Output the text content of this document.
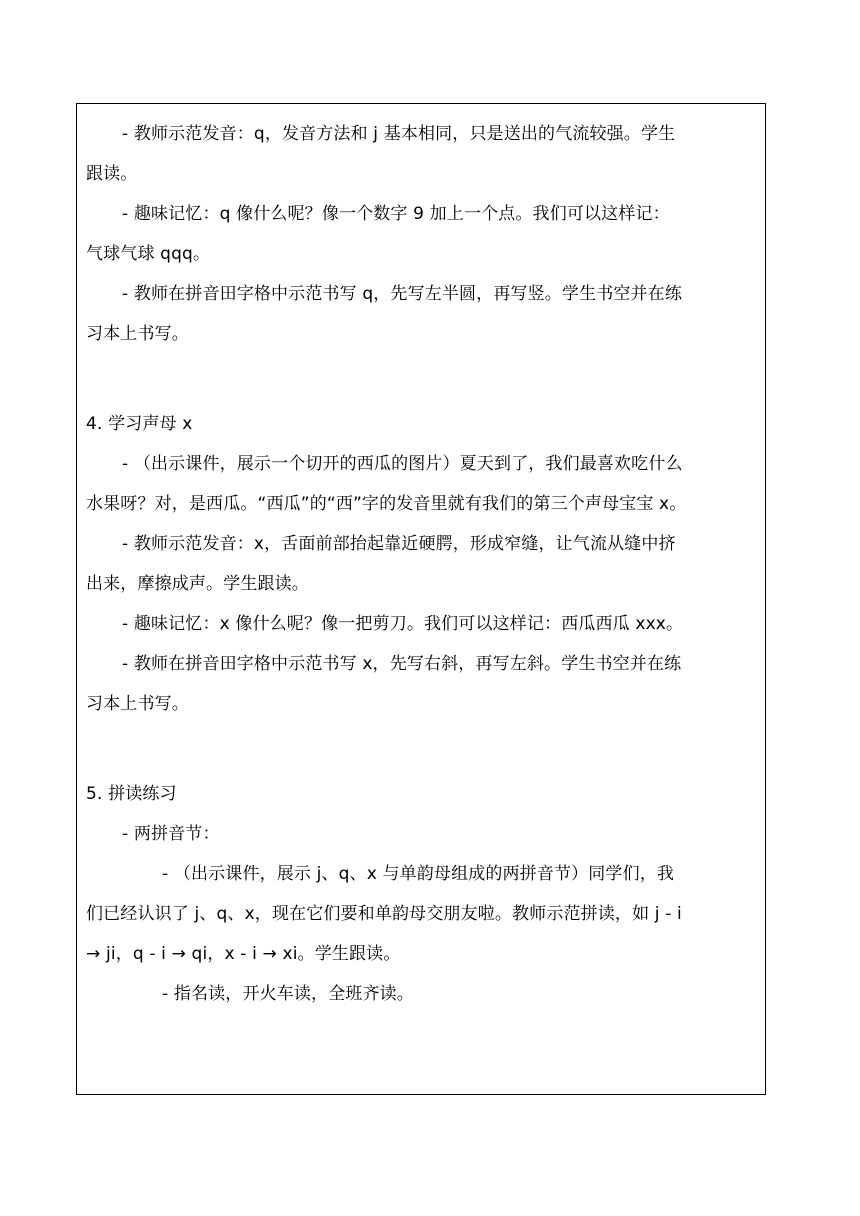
- 教师示范发音：q，发音方法和 j 基本相同，只是送出的气流较强。学生
跟读。
- 趣味记忆：q 像什么呢？像一个数字 9 加上一个点。我们可以这样记：
气球气球 qqq。
- 教师在拼音田字格中示范书写 q，先写左半圆，再写竖。学生书空并在练
习本上书写。
4. 学习声母 x
- （出示课件，展示一个切开的西瓜的图片）夏天到了，我们最喜欢吃什么
水果呀？对，是西瓜。“西瓜”的“西”字的发音里就有我们的第三个声母宝宝 x。
- 教师示范发音：x，舌面前部抬起靠近硬腭，形成窄缝，让气流从缝中挤
出来，摩擦成声。学生跟读。
- 趣味记忆：x 像什么呢？像一把剪刀。我们可以这样记：西瓜西瓜 xxx。
- 教师在拼音田字格中示范书写 x，先写右斜，再写左斜。学生书空并在练
习本上书写。
5. 拼读练习
- 两拼音节：
- （出示课件，展示 j、q、x 与单韵母组成的两拼音节）同学们，我
们已经认识了 j、q、x，现在它们要和单韵母交朋友啦。教师示范拼读，如 j - i
→ ji，q - i → qi，x - i → xi。学生跟读。
- 指名读，开火车读，全班齐读。
